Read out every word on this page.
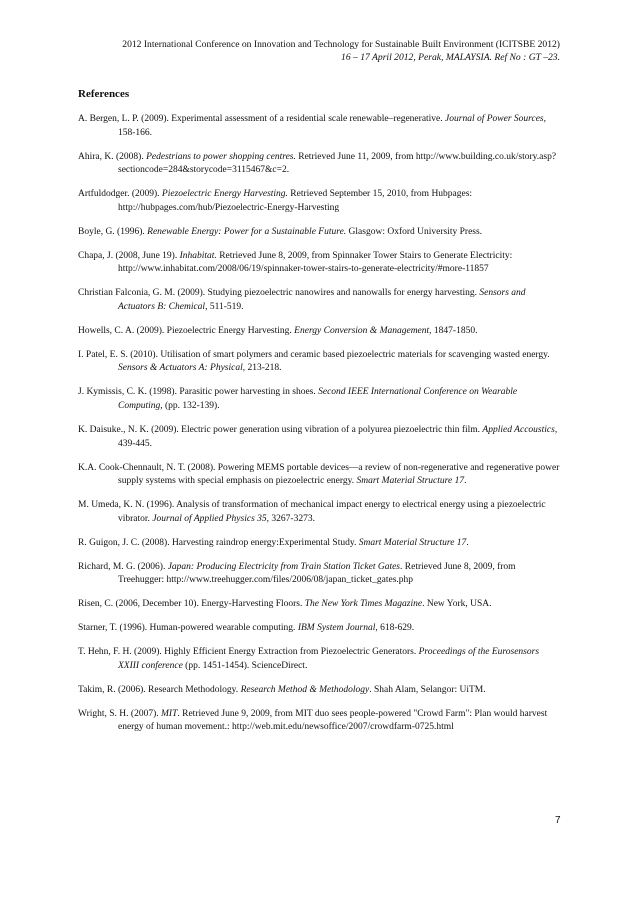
2012 International Conference on Innovation and Technology for Sustainable Built Environment (ICITSBE 2012)
16 – 17 April 2012, Perak, MALAYSIA. Ref No : GT –23.
References

A. Bergen, L. P. (2009). Experimental assessment of a residential scale renewable–regenerative. Journal of Power Sources, 158-166.

Ahira, K. (2008). Pedestrians to power shopping centres. Retrieved June 11, 2009, from http://www.building.co.uk/story.asp?sectioncode=284&storycode=3115467&c=2.

Artfuldodger. (2009). Piezoelectric Energy Harvesting. Retrieved September 15, 2010, from Hubpages: http://hubpages.com/hub/Piezoelectric-Energy-Harvesting

Boyle, G. (1996). Renewable Energy: Power for a Sustainable Future. Glasgow: Oxford University Press.

Chapa, J. (2008, June 19). Inhabitat. Retrieved June 8, 2009, from Spinnaker Tower Stairs to Generate Electricity: http://www.inhabitat.com/2008/06/19/spinnaker-tower-stairs-to-generate-electricity/#more-11857

Christian Falconia, G. M. (2009). Studying piezoelectric nanowires and nanowalls for energy harvesting. Sensors and Actuators B: Chemical, 511-519.

Howells, C. A. (2009). Piezoelectric Energy Harvesting. Energy Conversion & Management, 1847-1850.

I. Patel, E. S. (2010). Utilisation of smart polymers and ceramic based piezoelectric materials for scavenging wasted energy. Sensors & Actuators A: Physical, 213-218.

J. Kymissis, C. K. (1998). Parasitic power harvesting in shoes. Second IEEE International Conference on Wearable Computing, (pp. 132-139).

K. Daisuke., N. K. (2009). Electric power generation using vibration of a polyurea piezoelectric thin film. Applied Accoustics, 439-445.

K.A. Cook-Chennault, N. T. (2008). Powering MEMS portable devices—a review of non-regenerative and regenerative power supply systems with special emphasis on piezoelectric energy. Smart Material Structure 17.

M. Umeda, K. N. (1996). Analysis of transformation of mechanical impact energy to electrical energy using a piezoelectric vibrator. Journal of Applied Physics 35, 3267-3273.

R. Guigon, J. C. (2008). Harvesting raindrop energy:Experimental Study. Smart Material Structure 17.

Richard, M. G. (2006). Japan: Producing Electricity from Train Station Ticket Gates. Retrieved June 8, 2009, from Treehugger: http://www.treehugger.com/files/2006/08/japan_ticket_gates.php

Risen, C. (2006, December 10). Energy-Harvesting Floors. The New York Times Magazine. New York, USA.

Starner, T. (1996). Human-powered wearable computing. IBM System Journal, 618-629.

T. Hehn, F. H. (2009). Highly Efficient Energy Extraction from Piezoelectric Generators. Proceedings of the Eurosensors XXIII conference (pp. 1451-1454). ScienceDirect.

Takim, R. (2006). Research Methodology. Research Method & Methodology. Shah Alam, Selangor: UiTM.

Wright, S. H. (2007). MIT. Retrieved June 9, 2009, from MIT duo sees people-powered "Crowd Farm": Plan would harvest energy of human movement.: http://web.mit.edu/newsoffice/2007/crowdfarm-0725.html

7
